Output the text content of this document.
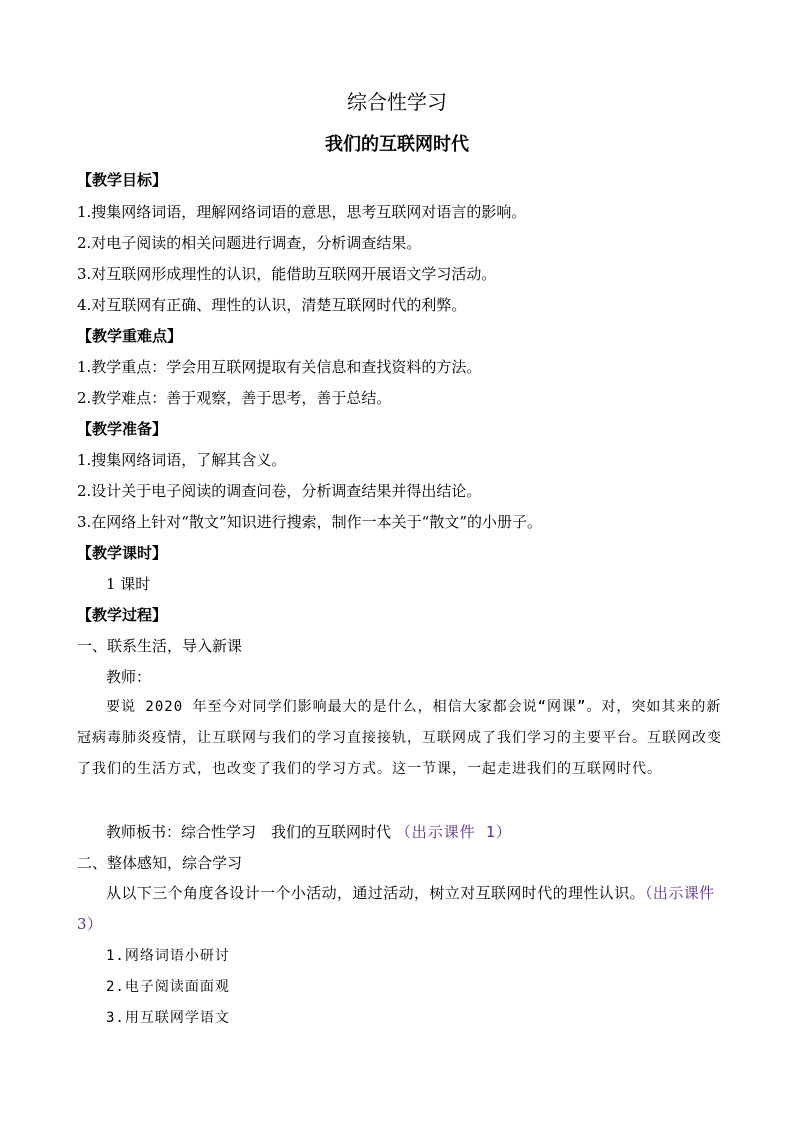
综合性学习
我们的互联网时代
【教学目标】
1.搜集网络词语，理解网络词语的意思，思考互联网对语言的影响。
2.对电子阅读的相关问题进行调查，分析调查结果。
3.对互联网形成理性的认识，能借助互联网开展语文学习活动。
4.对互联网有正确、理性的认识，清楚互联网时代的利弊。
【教学重难点】
1.教学重点：学会用互联网提取有关信息和查找资料的方法。
2.教学难点：善于观察，善于思考，善于总结。
【教学准备】
1.搜集网络词语，了解其含义。
2.设计关于电子阅读的调查问卷，分析调查结果并得出结论。
3.在网络上针对“散文”知识进行搜索，制作一本关于“散文”的小册子。
【教学课时】
1 课时
【教学过程】
一、联系生活，导入新课
教师：
要说 2020 年至今对同学们影响最大的是什么，相信大家都会说“网课”。对，突如其来的新冠病毒肺炎疫情，让互联网与我们的学习直接接轨，互联网成了我们学习的主要平台。互联网改变了我们的生活方式，也改变了我们的学习方式。这一节课，一起走进我们的互联网时代。
教师板书：综合性学习　我们的互联网时代 （出示课件 1）
二、整体感知，综合学习
从以下三个角度各设计一个小活动，通过活动，树立对互联网时代的理性认识。（出示课件 3）
1.网络词语小研讨
2.电子阅读面面观
3.用互联网学语文
